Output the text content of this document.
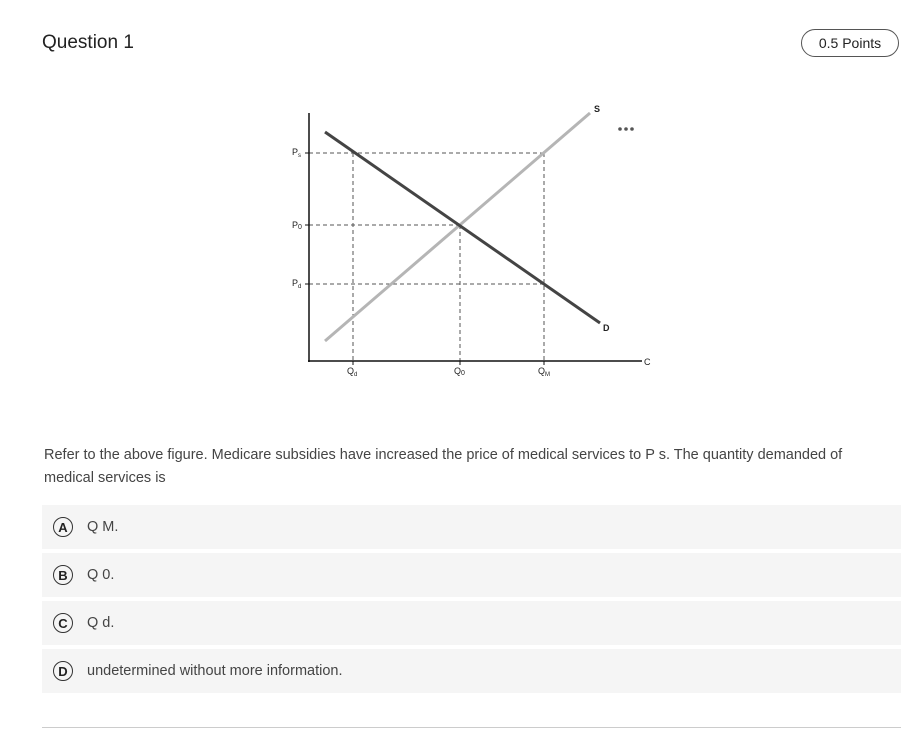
Question 1	0.5 Points
S
D
C
$P_s$
P0
$P_d$
$Q_d$	Q0	$Q_M$
Refer to the above figure. Medicare subsidies have increased the price of medical services to P s. The quantity demanded of medical services is
A	Q M.
B	Q 0.
C	Q d.
D	undetermined without more information.
